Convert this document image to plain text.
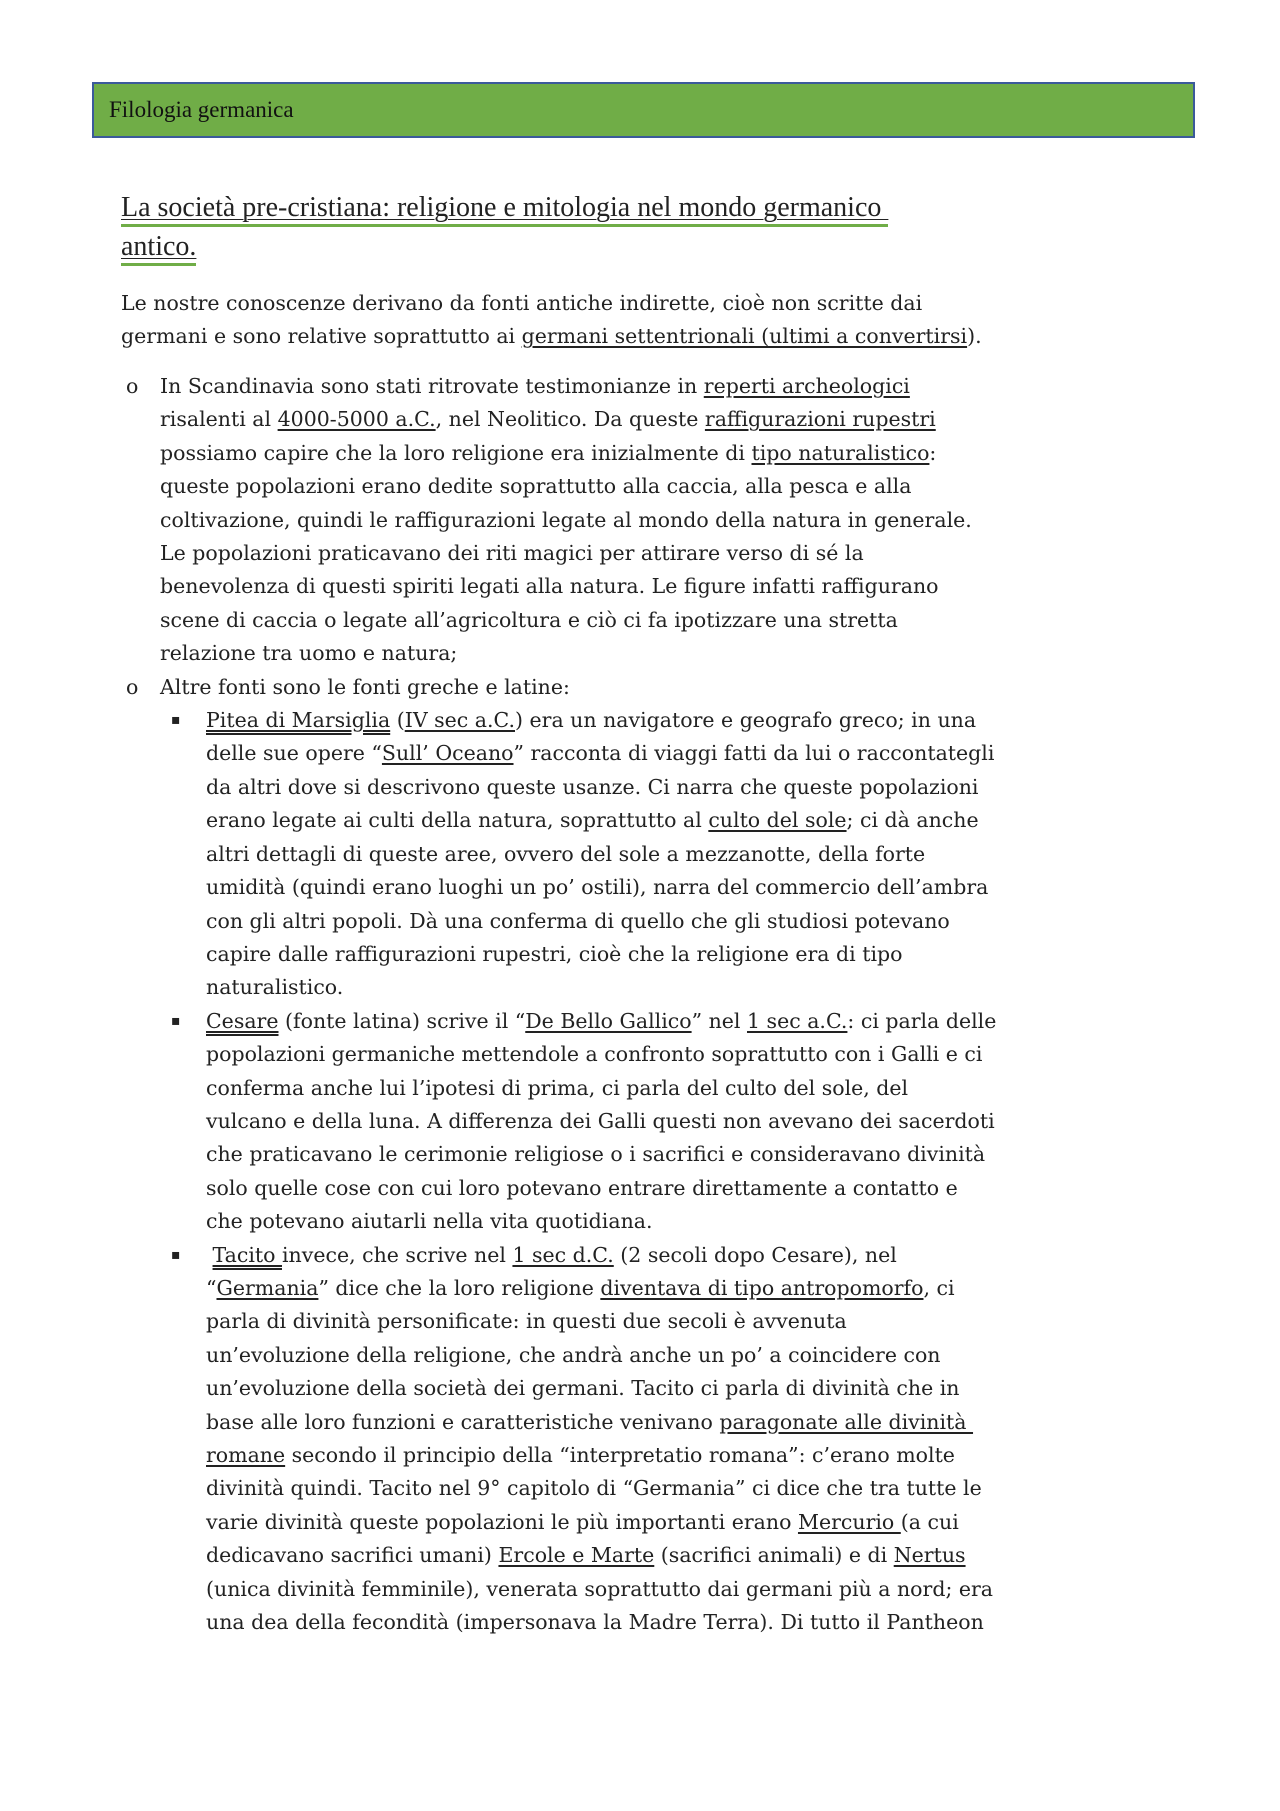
Filologia germanica
La società pre-cristiana: religione e mitologia nel mondo germanico
antico.
Le nostre conoscenze derivano da fonti antiche indirette, cioè non scritte dai
germani e sono relative soprattutto ai germani settentrionali (ultimi a convertirsi).
o In Scandinavia sono stati ritrovate testimonianze in reperti archeologici
risalenti al 4000-5000 a.C., nel Neolitico. Da queste raffigurazioni rupestri
possiamo capire che la loro religione era inizialmente di tipo naturalistico:
queste popolazioni erano dedite soprattutto alla caccia, alla pesca e alla
coltivazione, quindi le raffigurazioni legate al mondo della natura in generale.
Le popolazioni praticavano dei riti magici per attirare verso di sé la
benevolenza di questi spiriti legati alla natura. Le figure infatti raffigurano
scene di caccia o legate all’agricoltura e ciò ci fa ipotizzare una stretta
relazione tra uomo e natura;
o Altre fonti sono le fonti greche e latine:
▪ Pitea di Marsiglia (IV sec a.C.) era un navigatore e geografo greco; in una
delle sue opere “Sull’ Oceano” racconta di viaggi fatti da lui o raccontategli
da altri dove si descrivono queste usanze. Ci narra che queste popolazioni
erano legate ai culti della natura, soprattutto al culto del sole; ci dà anche
altri dettagli di queste aree, ovvero del sole a mezzanotte, della forte
umidità (quindi erano luoghi un po’ ostili), narra del commercio dell’ambra
con gli altri popoli. Dà una conferma di quello che gli studiosi potevano
capire dalle raffigurazioni rupestri, cioè che la religione era di tipo
naturalistico.
▪ Cesare (fonte latina) scrive il “De Bello Gallico” nel 1 sec a.C.: ci parla delle
popolazioni germaniche mettendole a confronto soprattutto con i Galli e ci
conferma anche lui l’ipotesi di prima, ci parla del culto del sole, del
vulcano e della luna. A differenza dei Galli questi non avevano dei sacerdoti
che praticavano le cerimonie religiose o i sacrifici e consideravano divinità
solo quelle cose con cui loro potevano entrare direttamente a contatto e
che potevano aiutarli nella vita quotidiana.
▪	Tacito invece, che scrive nel 1 sec d.C. (2 secoli dopo Cesare), nel
“Germania” dice che la loro religione diventava di tipo antropomorfo, ci
parla di divinità personificate: in questi due secoli è avvenuta
un’evoluzione della religione, che andrà anche un po’ a coincidere con
un’evoluzione della società dei germani. Tacito ci parla di divinità che in
base alle loro funzioni e caratteristiche venivano paragonate alle divinità
romane secondo il principio della “interpretatio romana”: c’erano molte
divinità quindi. Tacito nel 9° capitolo di “Germania” ci dice che tra tutte le
varie divinità queste popolazioni le più importanti erano Mercurio (a cui
dedicavano sacrifici umani) Ercole e Marte (sacrifici animali) e di Nertus
(unica divinità femminile), venerata soprattutto dai germani più a nord; era
una dea della fecondità (impersonava la Madre Terra). Di tutto il Pantheon
